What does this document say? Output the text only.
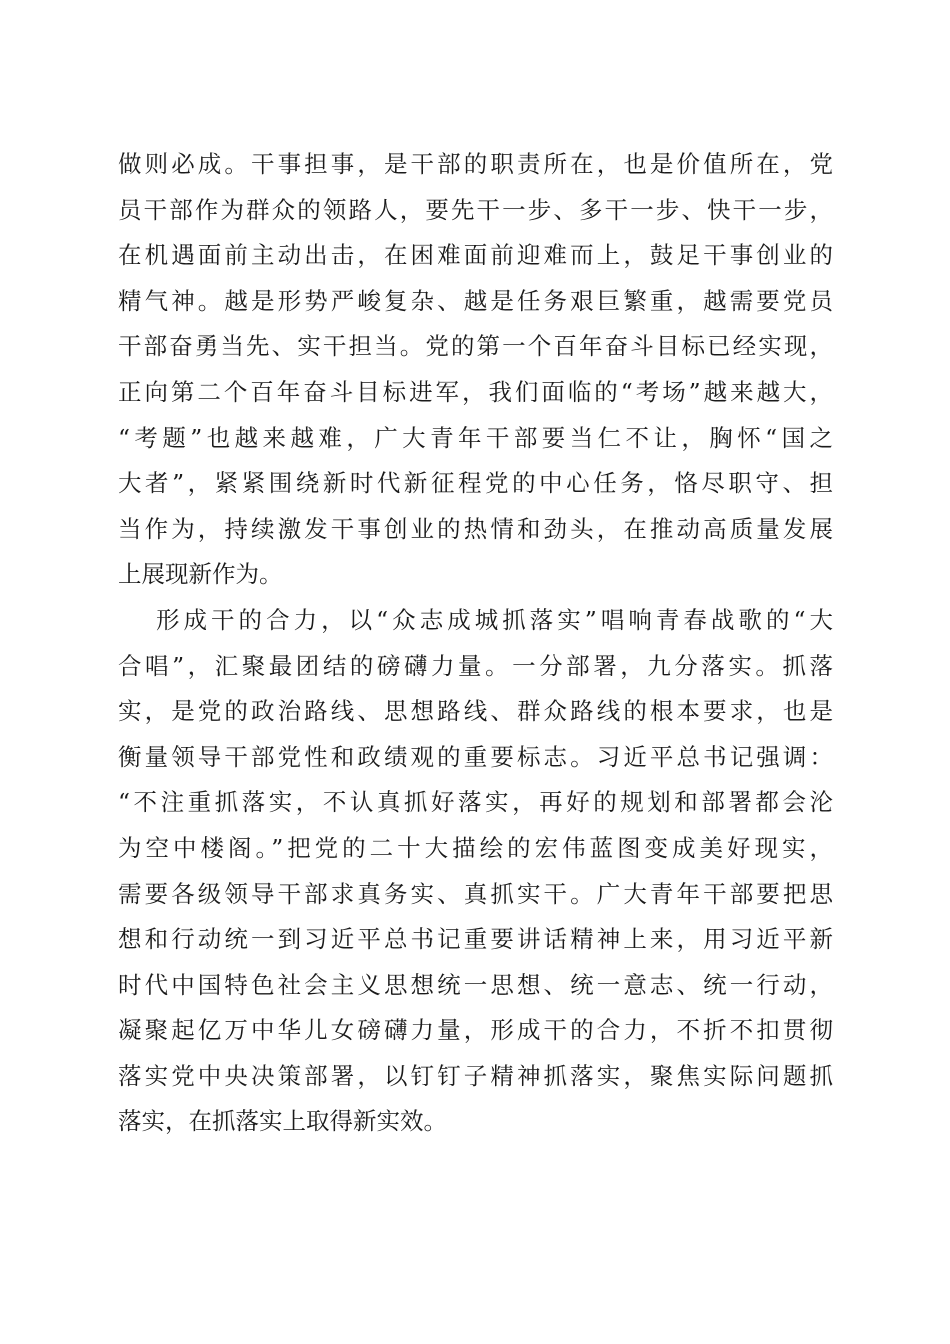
做则必成。干事担事，是干部的职责所在，也是价值所在，党
员干部作为群众的领路人，要先干一步、多干一步、快干一步，
在机遇面前主动出击，在困难面前迎难而上，鼓足干事创业的
精气神。越是形势严峻复杂、越是任务艰巨繁重，越需要党员
干部奋勇当先、实干担当。党的第一个百年奋斗目标已经实现，
正向第二个百年奋斗目标进军，我们面临的“考场”越来越大，
“考题”也越来越难，广大青年干部要当仁不让，胸怀“国之
大者”，紧紧围绕新时代新征程党的中心任务，恪尽职守、担
当作为，持续激发干事创业的热情和劲头，在推动高质量发展
上展现新作为。
形成干的合力，以“众志成城抓落实”唱响青春战歌的“大
合唱”，汇聚最团结的磅礴力量。一分部署，九分落实。抓落
实，是党的政治路线、思想路线、群众路线的根本要求，也是
衡量领导干部党性和政绩观的重要标志。习近平总书记强调：
“不注重抓落实，不认真抓好落实，再好的规划和部署都会沦
为空中楼阁。”把党的二十大描绘的宏伟蓝图变成美好现实，
需要各级领导干部求真务实、真抓实干。广大青年干部要把思
想和行动统一到习近平总书记重要讲话精神上来，用习近平新
时代中国特色社会主义思想统一思想、统一意志、统一行动，
凝聚起亿万中华儿女磅礴力量，形成干的合力，不折不扣贯彻
落实党中央决策部署，以钉钉子精神抓落实，聚焦实际问题抓
落实，在抓落实上取得新实效。
